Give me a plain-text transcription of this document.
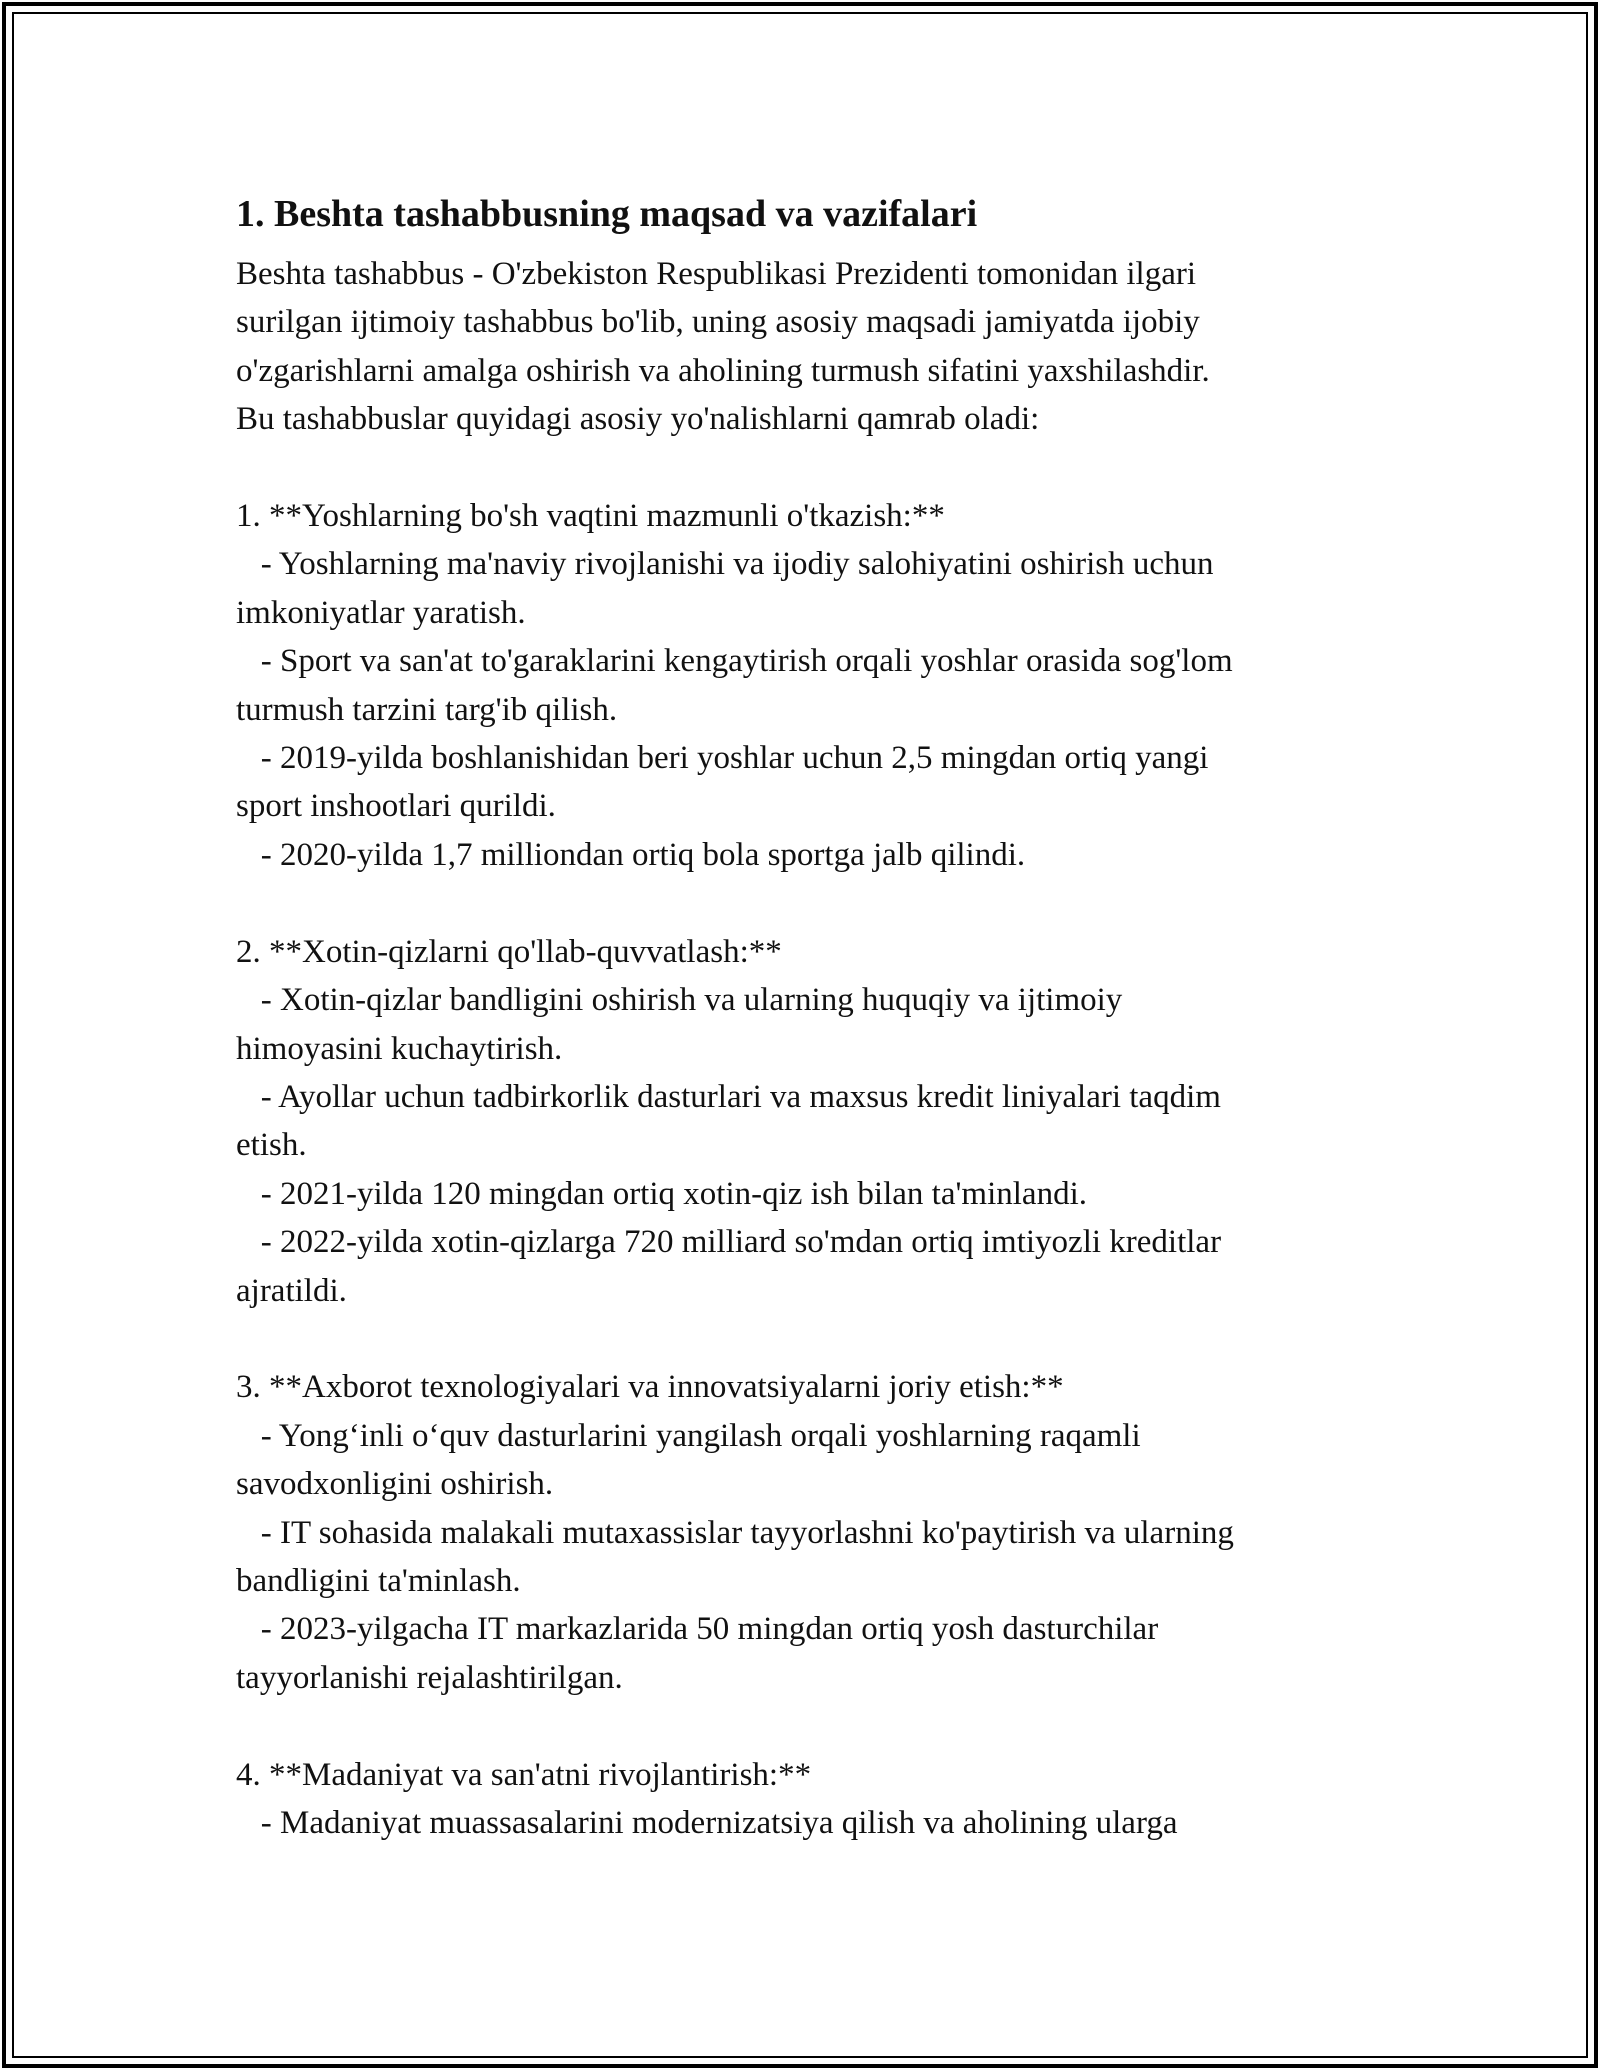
1. Beshta tashabbusning maqsad va vazifalari
Beshta tashabbus - O'zbekiston Respublikasi Prezidenti tomonidan ilgari
surilgan ijtimoiy tashabbus bo'lib, uning asosiy maqsadi jamiyatda ijobiy
o'zgarishlarni amalga oshirish va aholining turmush sifatini yaxshilashdir.
Bu tashabbuslar quyidagi asosiy yo'nalishlarni qamrab oladi:

1. **Yoshlarning bo'sh vaqtini mazmunli o'tkazish:**
- Yoshlarning ma'naviy rivojlanishi va ijodiy salohiyatini oshirish uchun
imkoniyatlar yaratish.
- Sport va san'at to'garaklarini kengaytirish orqali yoshlar orasida sog'lom
turmush tarzini targ'ib qilish.
- 2019-yilda boshlanishidan beri yoshlar uchun 2,5 mingdan ortiq yangi
sport inshootlari qurildi.
- 2020-yilda 1,7 milliondan ortiq bola sportga jalb qilindi.

2. **Xotin-qizlarni qo'llab-quvvatlash:**
- Xotin-qizlar bandligini oshirish va ularning huquqiy va ijtimoiy
himoyasini kuchaytirish.
- Ayollar uchun tadbirkorlik dasturlari va maxsus kredit liniyalari taqdim
etish.
- 2021-yilda 120 mingdan ortiq xotin-qiz ish bilan ta'minlandi.
- 2022-yilda xotin-qizlarga 720 milliard so'mdan ortiq imtiyozli kreditlar
ajratildi.

3. **Axborot texnologiyalari va innovatsiyalarni joriy etish:**
- Yong‘inli o‘quv dasturlarini yangilash orqali yoshlarning raqamli
savodxonligini oshirish.
- IT sohasida malakali mutaxassislar tayyorlashni ko'paytirish va ularning
bandligini ta'minlash.
- 2023-yilgacha IT markazlarida 50 mingdan ortiq yosh dasturchilar
tayyorlanishi rejalashtirilgan.

4. **Madaniyat va san'atni rivojlantirish:**
- Madaniyat muassasalarini modernizatsiya qilish va aholining ularga
